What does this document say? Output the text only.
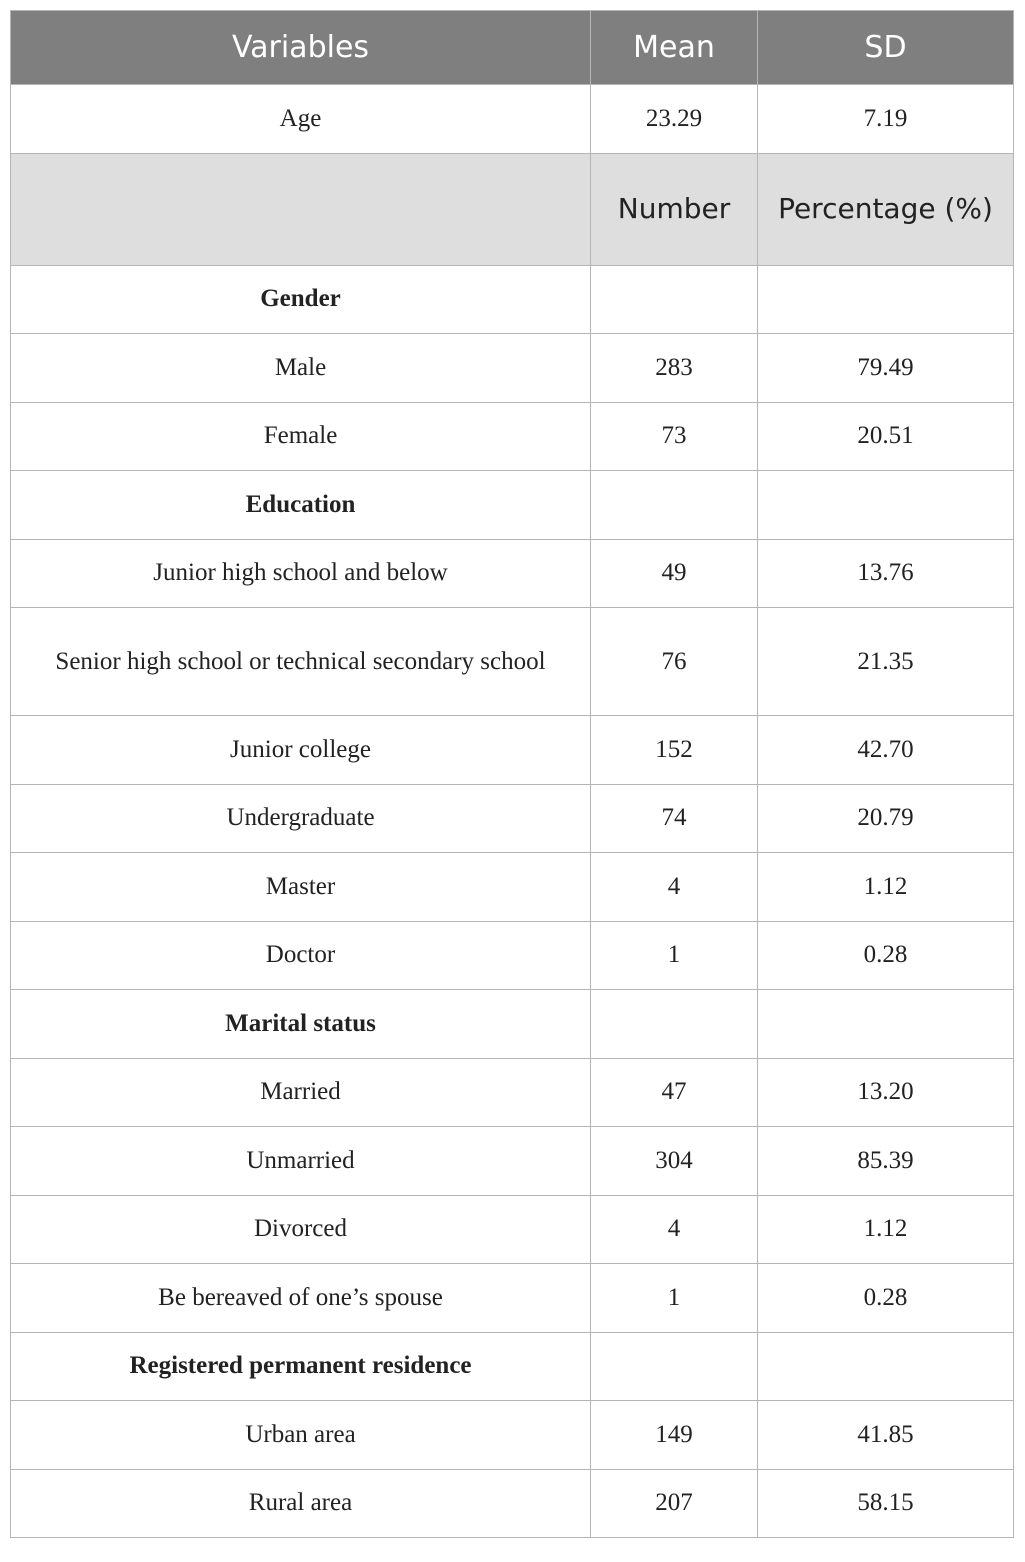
Variables	Mean	SD
Age	23.29	7.19
	Number	Percentage (%)
Gender		
Male	283	79.49
Female	73	20.51
Education		
Junior high school and below	49	13.76
Senior high school or technical secondary school	76	21.35
Junior college	152	42.70
Undergraduate	74	20.79
Master	4	1.12
Doctor	1	0.28
Marital status		
Married	47	13.20
Unmarried	304	85.39
Divorced	4	1.12
Be bereaved of one’s spouse	1	0.28
Registered permanent residence		
Urban area	149	41.85
Rural area	207	58.15
